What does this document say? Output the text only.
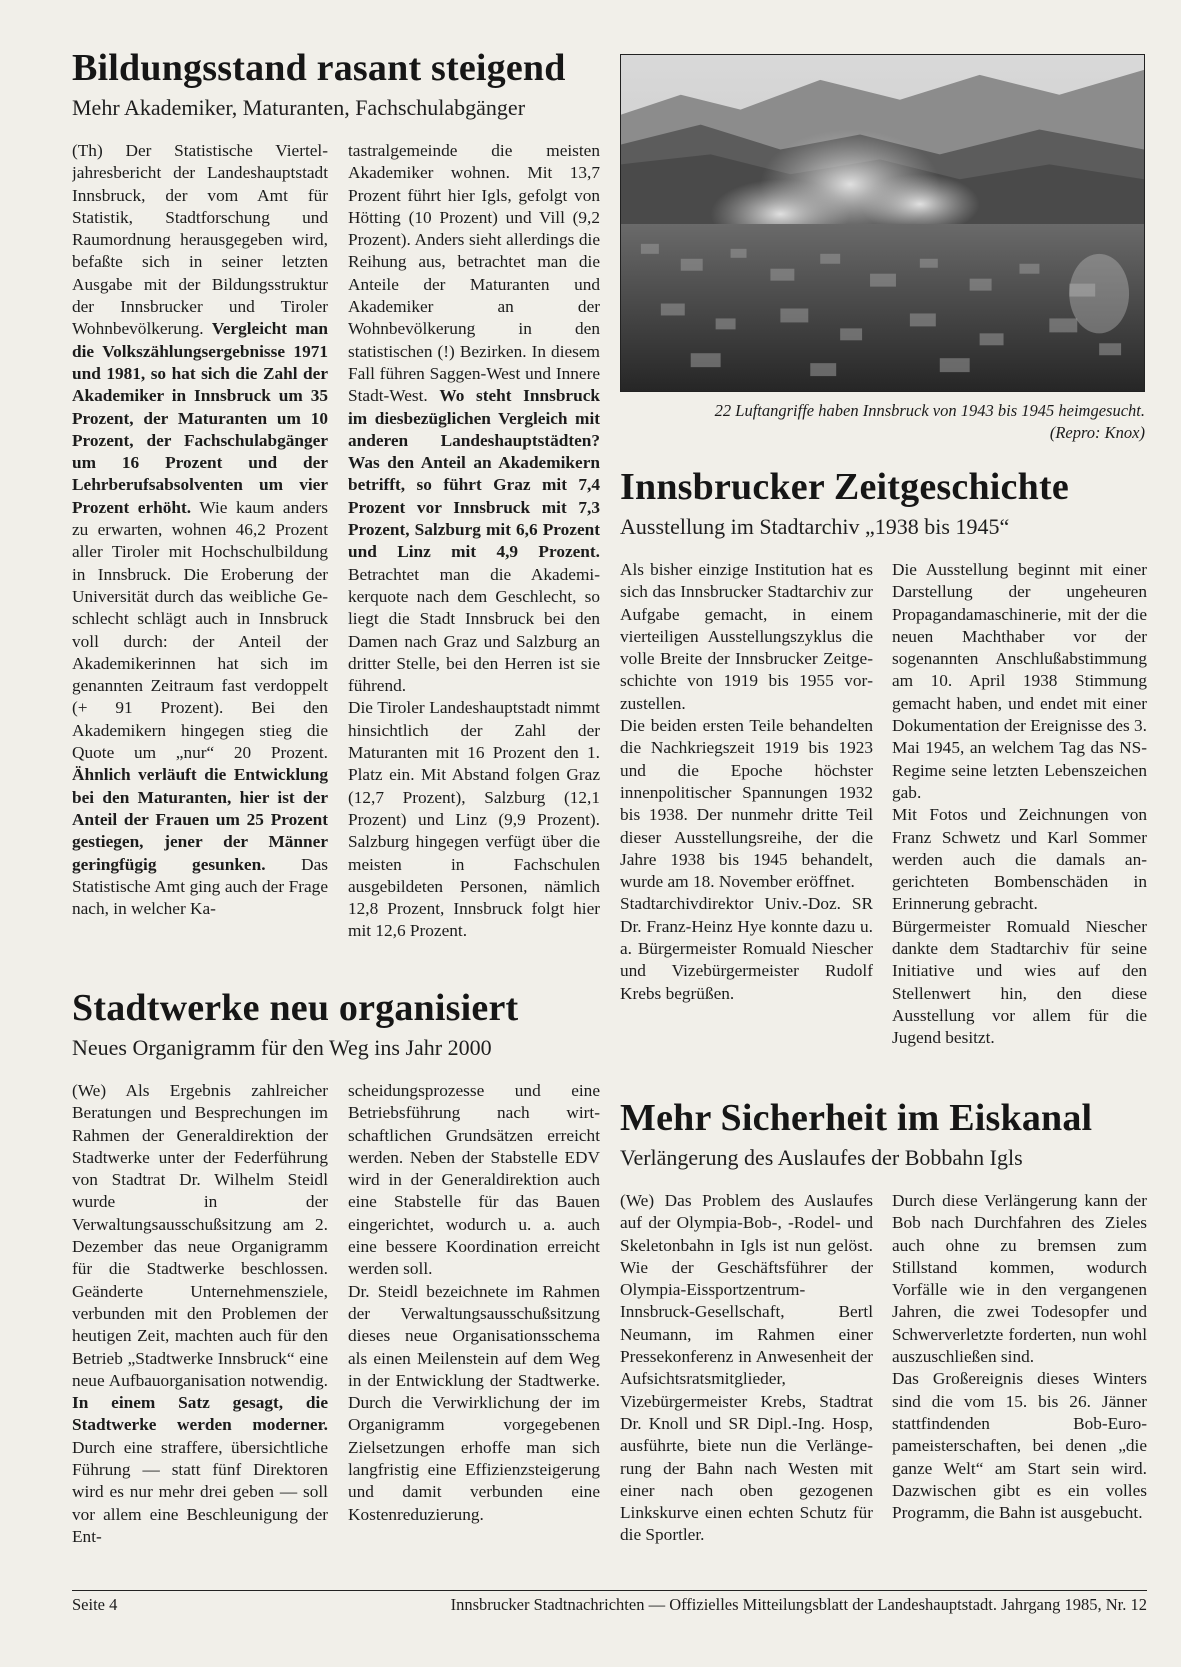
Bildungsstand rasant steigend
Mehr Akademiker, Maturanten, Fachschulabgänger

(Th) Der Statistische Vierteljahresbericht der Landeshauptstadt Innsbruck, der vom Amt für Statistik, Stadtforschung und Raumordnung herausgegeben wird, befaßte sich in seiner letzten Ausgabe mit der Bildungsstruktur der Innsbrucker und Tiroler Wohnbevölkerung. Vergleicht man die Volkszählungsergebnisse 1971 und 1981, so hat sich die Zahl der Akademiker in Innsbruck um 35 Prozent, der Maturanten um 10 Prozent, der Fachschulabgänger um 16 Prozent und der Lehrberufsabsolventen um vier Prozent erhöht. Wie kaum anders zu erwarten, wohnen 46,2 Prozent aller Tiroler mit Hochschulbildung in Innsbruck. Die Eroberung der Universität durch das weibliche Geschlecht schlägt auch in Innsbruck voll durch: der Anteil der Akademikerinnen hat sich im genannten Zeitraum fast verdoppelt (+ 91 Prozent). Bei den Akademikern hingegen stieg die Quote um „nur“ 20 Prozent. Ähnlich verläuft die Entwicklung bei den Maturanten, hier ist der Anteil der Frauen um 25 Prozent gestiegen, jener der Männer geringfügig gesunken. Das Statistische Amt ging auch der Frage nach, in welcher Ka-

tastralgemeinde die meisten Akademiker wohnen. Mit 13,7 Prozent führt hier Igls, gefolgt von Hötting (10 Prozent) und Vill (9,2 Prozent). Anders sieht allerdings die Reihung aus, betrachtet man die Anteile der Maturanten und Akademiker an der Wohnbevölkerung in den statistischen (!) Bezirken. In diesem Fall führen Saggen-West und Innere Stadt-West. Wo steht Innsbruck im diesbezüglichen Vergleich mit anderen Landeshauptstädten? Was den Anteil an Akademikern betrifft, so führt Graz mit 7,4 Prozent vor Innsbruck mit 7,3 Prozent, Salzburg mit 6,6 Prozent und Linz mit 4,9 Prozent. Betrachtet man die Akademikerquote nach dem Geschlecht, so liegt die Stadt Innsbruck bei den Damen nach Graz und Salzburg an dritter Stelle, bei den Herren ist sie führend.

Die Tiroler Landeshauptstadt nimmt hinsichtlich der Zahl der Maturanten mit 16 Prozent den 1. Platz ein. Mit Abstand folgen Graz (12,7 Prozent), Salzburg (12,1 Prozent) und Linz (9,9 Prozent). Salzburg hingegen verfügt über die meisten in Fachschulen ausgebildeten Personen, nämlich 12,8 Prozent, Innsbruck folgt hier mit 12,6 Prozent.

22 Luftangriffe haben Innsbruck von 1943 bis 1945 heimgesucht.
(Repro: Knox)
Innsbrucker Zeitgeschichte
Ausstellung im Stadtarchiv „1938 bis 1945“

Als bisher einzige Institution hat es sich das Innsbrucker Stadtarchiv zur Aufgabe gemacht, in einem vierteiligen Ausstellungszyklus die volle Breite der Innsbrucker Zeitgeschichte von 1919 bis 1955 vorzustellen.

Die beiden ersten Teile behandelten die Nachkriegszeit 1919 bis 1923 und die Epoche höchster innenpolitischer Spannungen 1932 bis 1938. Der nunmehr dritte Teil dieser Ausstellungsreihe, der die Jahre 1938 bis 1945 behandelt, wurde am 18. November eröffnet.

Stadtarchivdirektor Univ.-Doz. SR Dr. Franz-Heinz Hye konnte dazu u. a. Bürgermeister Romuald Niescher und Vizebürgermeister Rudolf Krebs begrüßen.

Die Ausstellung beginnt mit einer Darstellung der ungeheuren Propagandamaschinerie, mit der die neuen Machthaber vor der sogenannten Anschlußabstimmung am 10. April 1938 Stimmung gemacht haben, und endet mit einer Dokumentation der Ereignisse des 3. Mai 1945, an welchem Tag das NS-Regime seine letzten Lebenszeichen gab.

Mit Fotos und Zeichnungen von Franz Schwetz und Karl Sommer werden auch die damals angerichteten Bombenschäden in Erinnerung gebracht.

Bürgermeister Romuald Niescher dankte dem Stadtarchiv für seine Initiative und wies auf den Stellenwert hin, den diese Ausstellung vor allem für die Jugend besitzt.

Stadtwerke neu organisiert
Neues Organigramm für den Weg ins Jahr 2000

(We) Als Ergebnis zahlreicher Beratungen und Besprechungen im Rahmen der Generaldirektion der Stadtwerke unter der Federführung von Stadtrat Dr. Wilhelm Steidl wurde in der Verwaltungsausschußsitzung am 2. Dezember das neue Organigramm für die Stadtwerke beschlossen. Geänderte Unternehmensziele, verbunden mit den Problemen der heutigen Zeit, machten auch für den Betrieb „Stadtwerke Innsbruck“ eine neue Aufbauorganisation notwendig. In einem Satz gesagt, die Stadtwerke werden moderner. Durch eine straffere, übersichtliche Führung — statt fünf Direktoren wird es nur mehr drei geben — soll vor allem eine Beschleunigung der Ent-

scheidungsprozesse und eine Betriebsführung nach wirtschaftlichen Grundsätzen erreicht werden. Neben der Stabstelle EDV wird in der Generaldirektion auch eine Stabstelle für das Bauen eingerichtet, wodurch u. a. auch eine bessere Koordination erreicht werden soll.

Dr. Steidl bezeichnete im Rahmen der Verwaltungsausschußsitzung dieses neue Organisationsschema als einen Meilenstein auf dem Weg in der Entwicklung der Stadtwerke. Durch die Verwirklichung der im Organigramm vorgegebenen Zielsetzungen erhoffe man sich langfristig eine Effizienzsteigerung und damit verbunden eine Kostenreduzierung.

Mehr Sicherheit im Eiskanal
Verlängerung des Auslaufes der Bobbahn Igls

(We) Das Problem des Auslaufes auf der Olympia-Bob-, -Rodel- und Skeletonbahn in Igls ist nun gelöst. Wie der Geschäftsführer der Olympia-Eissportzentrum-Innsbruck-Gesellschaft, Bertl Neumann, im Rahmen einer Pressekonferenz in Anwesenheit der Aufsichtsratsmitglieder, Vizebürgermeister Krebs, Stadtrat Dr. Knoll und SR Dipl.-Ing. Hosp, ausführte, biete nun die Verlängerung der Bahn nach Westen mit einer nach oben gezogenen Linkskurve einen echten Schutz für die Sportler.

Durch diese Verlängerung kann der Bob nach Durchfahren des Zieles auch ohne zu bremsen zum Stillstand kommen, wodurch Vorfälle wie in den vergangenen Jahren, die zwei Todesopfer und Schwerverletzte forderten, nun wohl auszuschließen sind.

Das Großereignis dieses Winters sind die vom 15. bis 26. Jänner stattfindenden Bob-Europameisterschaften, bei denen „die ganze Welt“ am Start sein wird. Dazwischen gibt es ein volles Programm, die Bahn ist ausgebucht.

Seite 4	Innsbrucker Stadtnachrichten — Offizielles Mitteilungsblatt der Landeshauptstadt. Jahrgang 1985, Nr. 12
